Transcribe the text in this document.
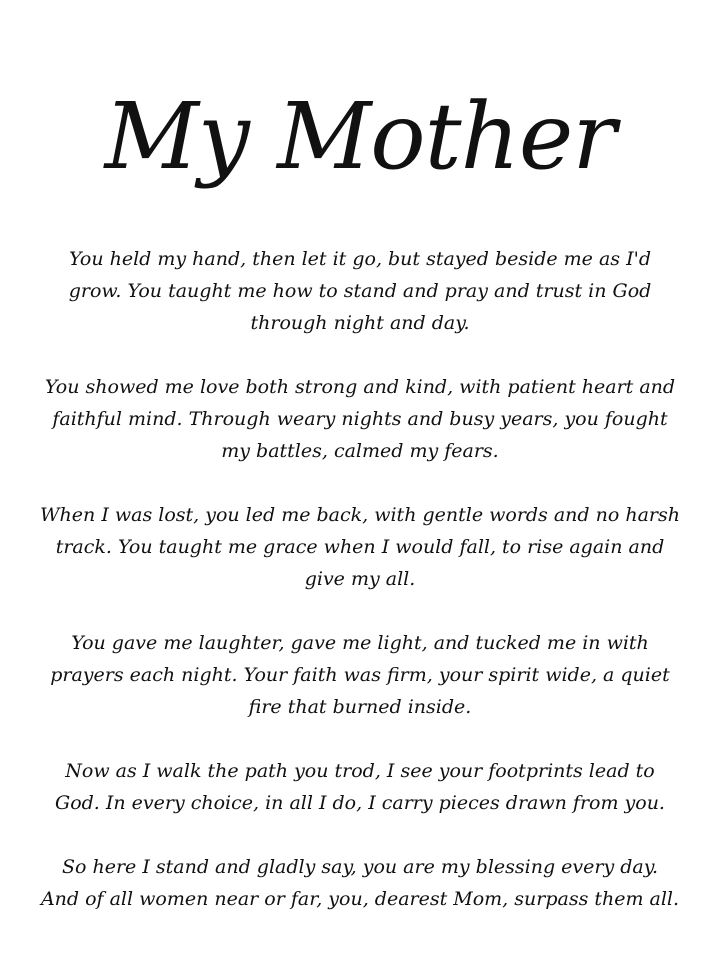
My Mother

You held my hand, then let it go, but stayed beside me as I'd grow. You taught me how to stand and pray and trust in God through night and day.

You showed me love both strong and kind, with patient heart and faithful mind. Through weary nights and busy years, you fought my battles, calmed my fears.

When I was lost, you led me back, with gentle words and no harsh track. You taught me grace when I would fall, to rise again and give my all.

You gave me laughter, gave me light, and tucked me in with prayers each night. Your faith was firm, your spirit wide, a quiet fire that burned inside.

Now as I walk the path you trod, I see your footprints lead to God. In every choice, in all I do, I carry pieces drawn from you.

So here I stand and gladly say, you are my blessing every day. And of all women near or far, you, dearest Mom, surpass them all.
